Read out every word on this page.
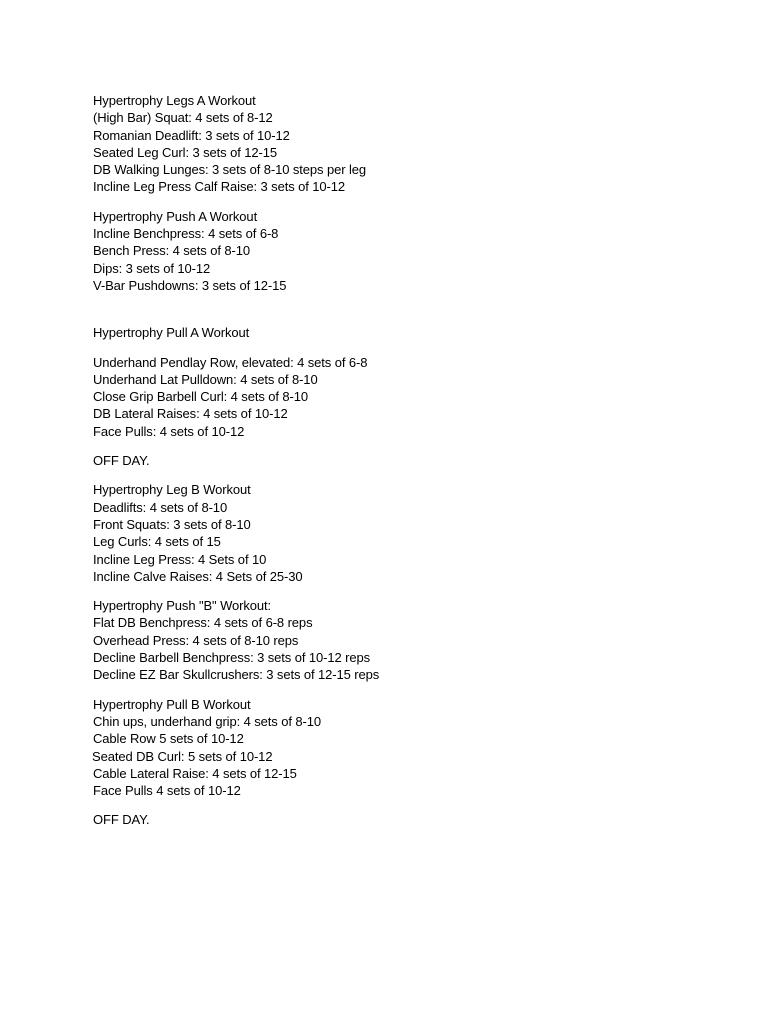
Hypertrophy Legs A Workout
(High Bar) Squat: 4 sets of 8-12
Romanian Deadlift: 3 sets of 10-12
Seated Leg Curl: 3 sets of 12-15
DB Walking Lunges: 3 sets of 8-10 steps per leg
Incline Leg Press Calf Raise: 3 sets of 10-12
Hypertrophy Push A Workout
Incline Benchpress: 4 sets of 6-8
Bench Press: 4 sets of 8-10
Dips: 3 sets of 10-12
V-Bar Pushdowns: 3 sets of 12-15
Hypertrophy Pull A Workout
Underhand Pendlay Row, elevated: 4 sets of 6-8
Underhand Lat Pulldown: 4 sets of 8-10
Close Grip Barbell Curl: 4 sets of 8-10
DB Lateral Raises: 4 sets of 10-12
Face Pulls: 4 sets of 10-12
OFF DAY.
Hypertrophy Leg B Workout
Deadlifts: 4 sets of 8-10
Front Squats: 3 sets of 8-10
Leg Curls: 4 sets of 15
Incline Leg Press: 4 Sets of 10
Incline Calve Raises: 4 Sets of 25-30
Hypertrophy Push "B" Workout:
Flat DB Benchpress: 4 sets of 6-8 reps
Overhead Press: 4 sets of 8-10 reps
Decline Barbell Benchpress: 3 sets of 10-12 reps
Decline EZ Bar Skullcrushers: 3 sets of 12-15 reps
Hypertrophy Pull B Workout
Chin ups, underhand grip: 4 sets of 8-10
Cable Row 5 sets of 10-12
Seated DB Curl: 5 sets of 10-12
Cable Lateral Raise: 4 sets of 12-15
Face Pulls 4 sets of 10-12
OFF DAY.
